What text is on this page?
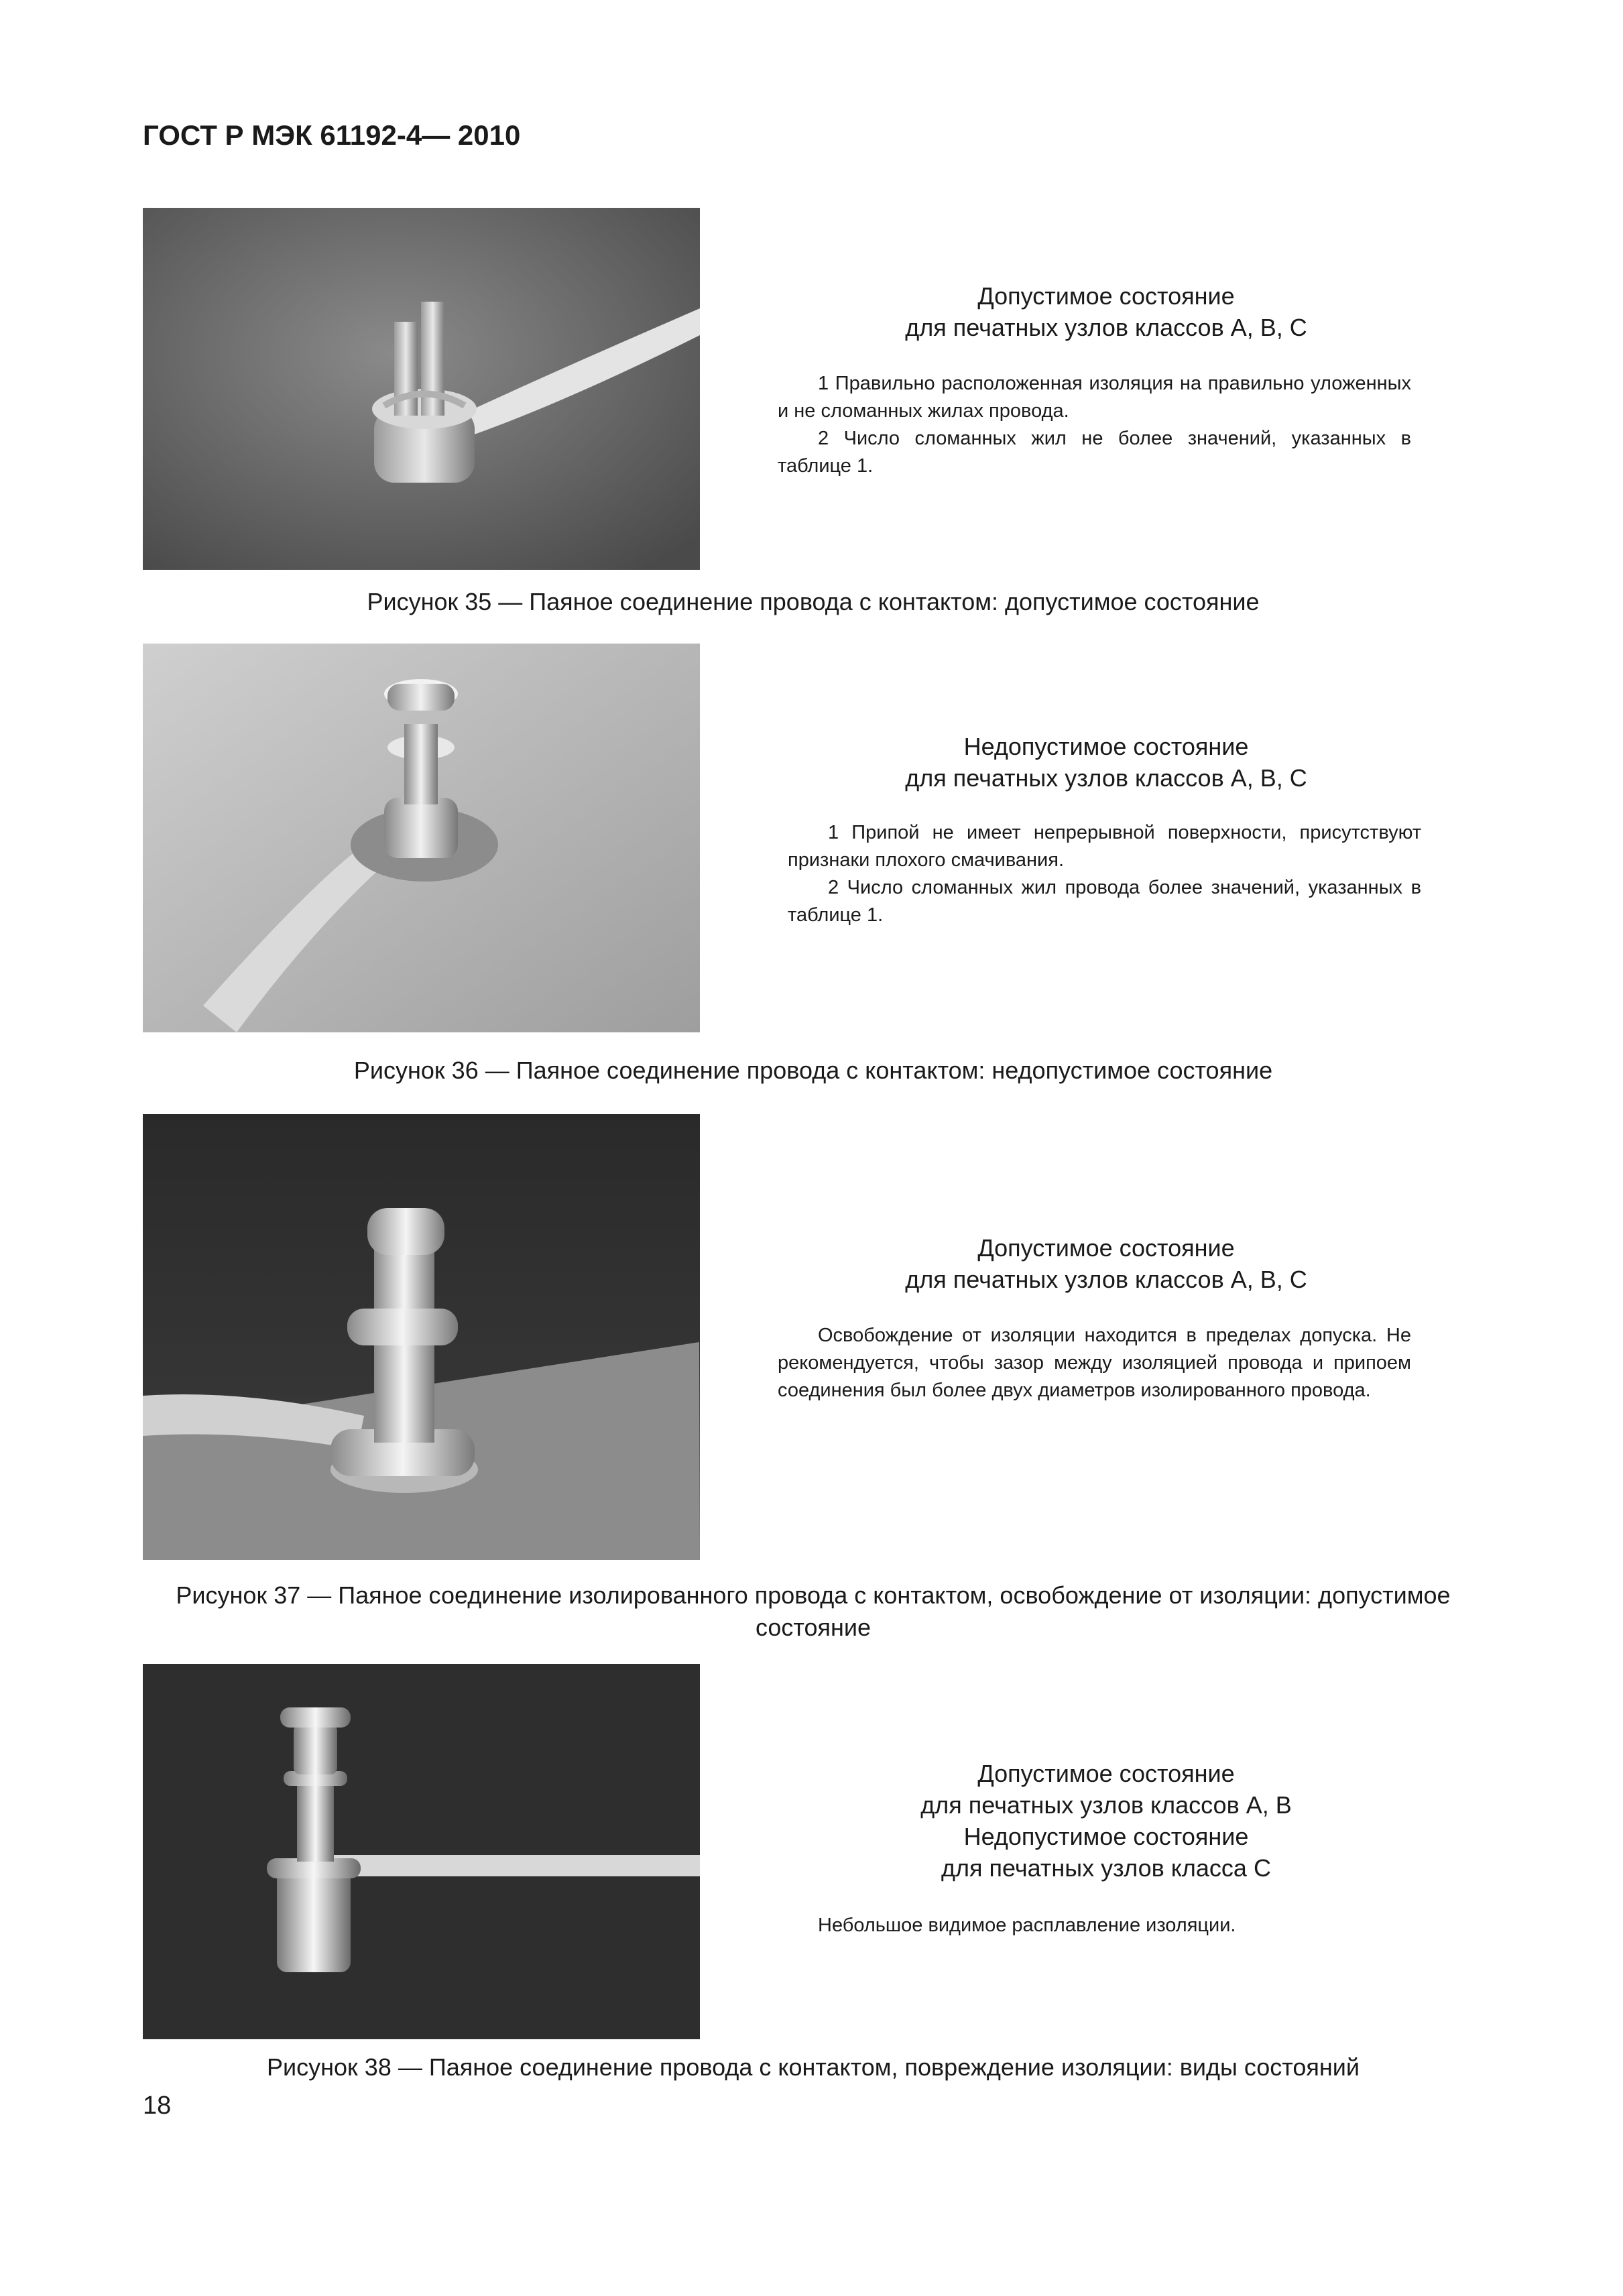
ГОСТ Р МЭК 61192-4— 2010
Допустимое состояние
для печатных узлов классов А, В, С

1 Правильно расположенная изоляция на правильно уложенных и не сломанных жилах провода.

2 Число сломанных жил не более значений, указанных в таблице 1.

Рисунок 35 — Паяное соединение провода с контактом: допустимое состояние
Недопустимое состояние
для печатных узлов классов А, В, С

1 Припой не имеет непрерывной поверхности, присутствуют признаки плохого смачивания.

2 Число сломанных жил провода более значений, указанных в таблице 1.

Рисунок 36 — Паяное соединение провода с контактом: недопустимое состояние
Допустимое состояние
для печатных узлов классов А, В, С

Освобождение от изоляции находится в пределах допуска. Не рекомендуется, чтобы зазор между изоляцией провода и припоем соединения был более двух диаметров изолированного провода.

Рисунок 37 — Паяное соединение изолированного провода с контактом, освобождение от изоляции: допустимое состояние
Допустимое состояние
для печатных узлов классов А, В
Недопустимое состояние
для печатных узлов класса С

Небольшое видимое расплавление изоляции.

Рисунок 38 — Паяное соединение провода с контактом, повреждение изоляции: виды состояний
18
